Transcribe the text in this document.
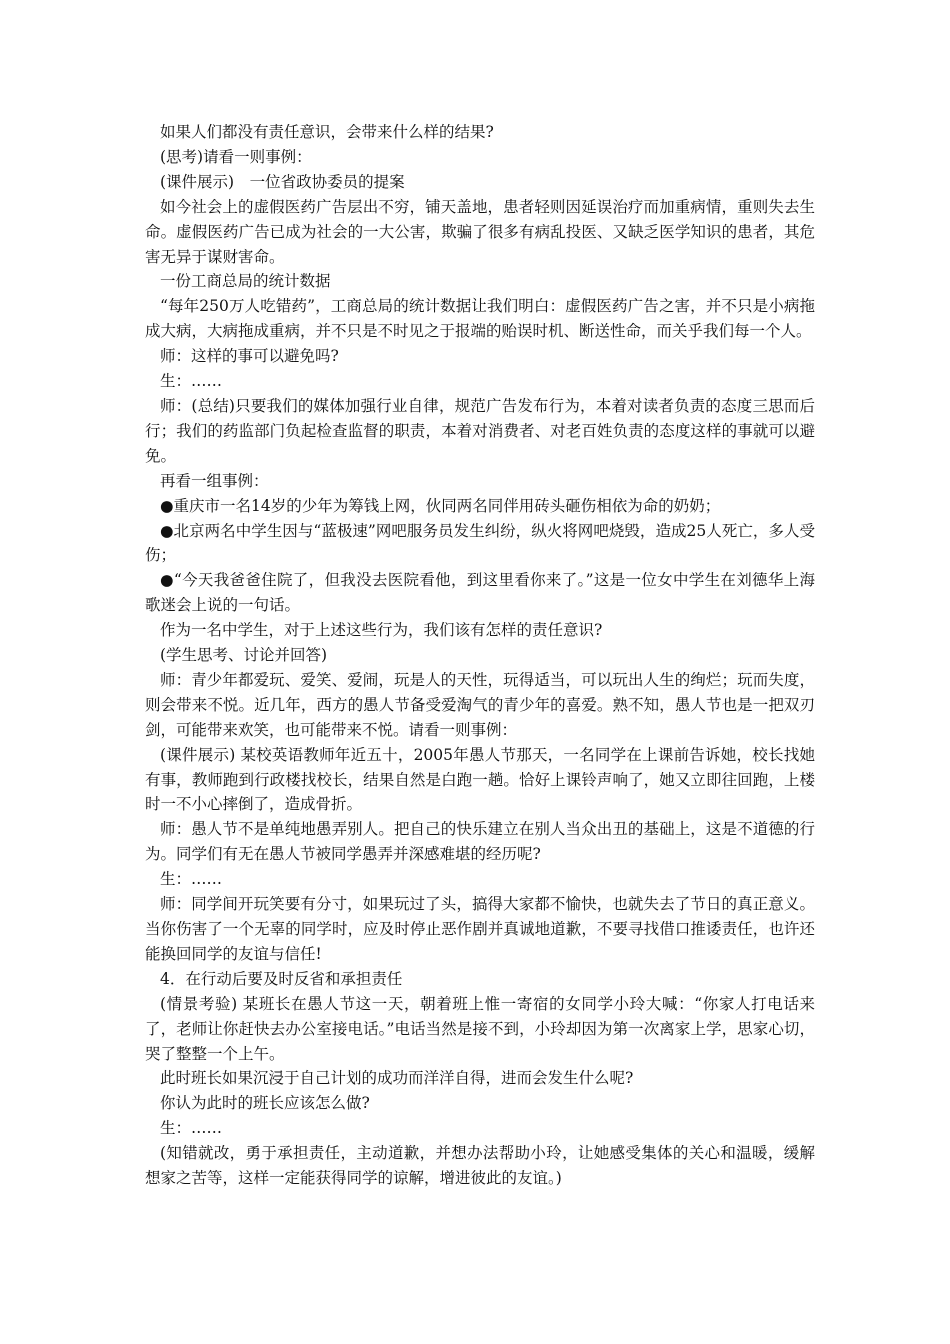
如果人们都没有责任意识，会带来什么样的结果?

(思考)请看一则事例：

(课件展示)　一位省政协委员的提案

如今社会上的虚假医药广告层出不穷，铺天盖地，患者轻则因延误治疗而加重病情，重则失去生命。虚假医药广告已成为社会的一大公害，欺骗了很多有病乱投医、又缺乏医学知识的患者，其危害无异于谋财害命。

一份工商总局的统计数据

“每年250万人吃错药”，工商总局的统计数据让我们明白：虚假医药广告之害，并不只是小病拖成大病，大病拖成重病，并不只是不时见之于报端的贻误时机、断送性命，而关乎我们每一个人。

师：这样的事可以避免吗?

生：……

师：(总结)只要我们的媒体加强行业自律，规范广告发布行为，本着对读者负责的态度三思而后行；我们的药监部门负起检查监督的职责，本着对消费者、对老百姓负责的态度这样的事就可以避免。

再看一组事例：

●重庆市一名14岁的少年为筹钱上网，伙同两名同伴用砖头砸伤相依为命的奶奶；

●北京两名中学生因与“蓝极速”网吧服务员发生纠纷，纵火将网吧烧毁，造成25人死亡，多人受伤；

●“今天我爸爸住院了，但我没去医院看他，到这里看你来了。”这是一位女中学生在刘德华上海歌迷会上说的一句话。

作为一名中学生，对于上述这些行为，我们该有怎样的责任意识?

(学生思考、讨论并回答)

师：青少年都爱玩、爱笑、爱闹，玩是人的天性，玩得适当，可以玩出人生的绚烂；玩而失度，则会带来不悦。近几年，西方的愚人节备受爱淘气的青少年的喜爱。熟不知，愚人节也是一把双刃剑，可能带来欢笑，也可能带来不悦。请看一则事例：

(课件展示) 某校英语教师年近五十，2005年愚人节那天，一名同学在上课前告诉她，校长找她有事，教师跑到行政楼找校长，结果自然是白跑一趟。恰好上课铃声响了，她又立即往回跑，上楼时一不小心摔倒了，造成骨折。

师：愚人节不是单纯地愚弄别人。把自己的快乐建立在别人当众出丑的基础上，这是不道德的行为。同学们有无在愚人节被同学愚弄并深感难堪的经历呢?

生：……

师：同学间开玩笑要有分寸，如果玩过了头，搞得大家都不愉快，也就失去了节日的真正意义。当你伤害了一个无辜的同学时，应及时停止恶作剧并真诚地道歉，不要寻找借口推诿责任，也许还能换回同学的友谊与信任!

4．在行动后要及时反省和承担责任

(情景考验) 某班长在愚人节这一天，朝着班上惟一寄宿的女同学小玲大喊：“你家人打电话来了，老师让你赶快去办公室接电话。”电话当然是接不到，小玲却因为第一次离家上学，思家心切，哭了整整一个上午。

此时班长如果沉浸于自己计划的成功而洋洋自得，进而会发生什么呢?

你认为此时的班长应该怎么做?

生：……

(知错就改，勇于承担责任，主动道歉，并想办法帮助小玲，让她感受集体的关心和温暖，缓解想家之苦等，这样一定能获得同学的谅解，增进彼此的友谊。)
